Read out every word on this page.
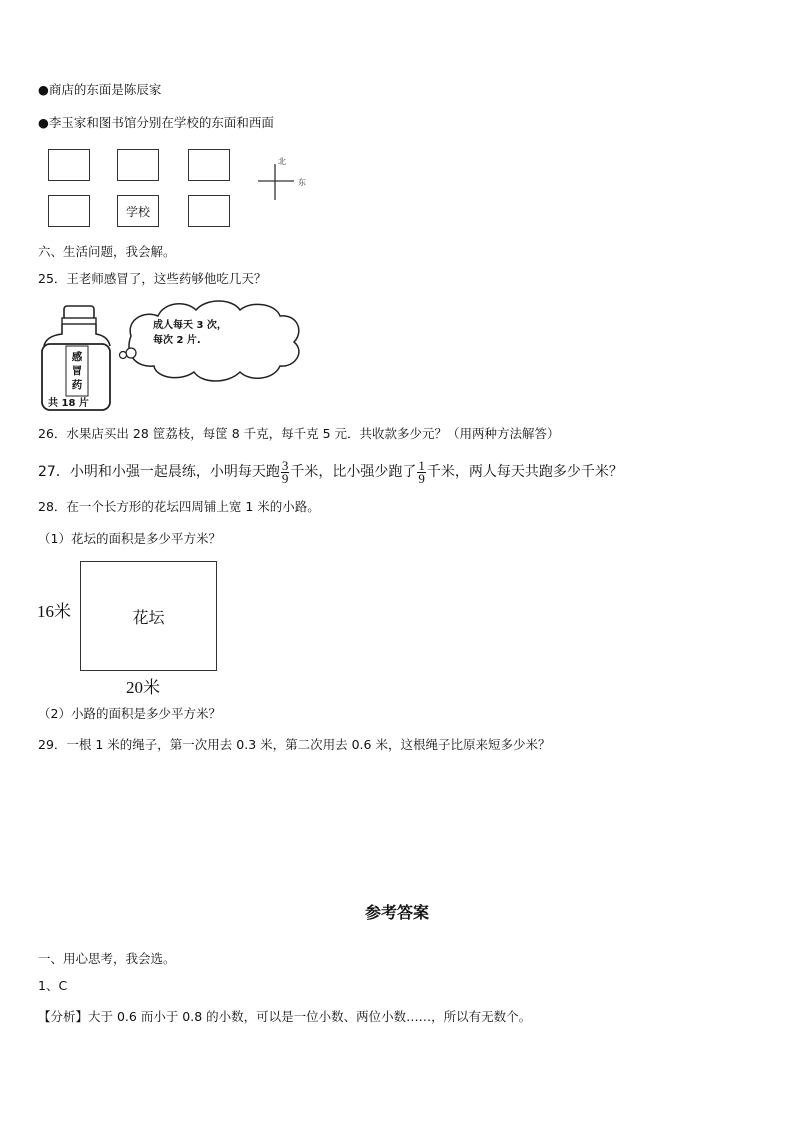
●商店的东面是陈辰家
●李玉家和图书馆分别在学校的东面和西面
学校
北
东
六、生活问题，我会解。
25．王老师感冒了，这些药够他吃几天？
成人每天 3 次，
每次 2 片.
感
冒
药
共 18 片
26．水果店买出 28 筐荔枝，每筐 8 千克，每千克 5 元．共收款多少元？（用两种方法解答）
27．小明和小强一起晨练，小明每天跑 $\frac{3}{9}$ 千米，比小强少跑了 $\frac{1}{9}$ 千米，两人每天共跑多少千米？
28．在一个长方形的花坛四周铺上宽 1 米的小路。
（1）花坛的面积是多少平方米？
花坛
16米
20米
（2）小路的面积是多少平方米？
29．一根 1 米的绳子，第一次用去 0.3 米，第二次用去 0.6 米，这根绳子比原来短多少米？
参考答案
一、用心思考，我会选。
1、C
【分析】大于 0.6 而小于 0.8 的小数，可以是一位小数、两位小数……，所以有无数个。
